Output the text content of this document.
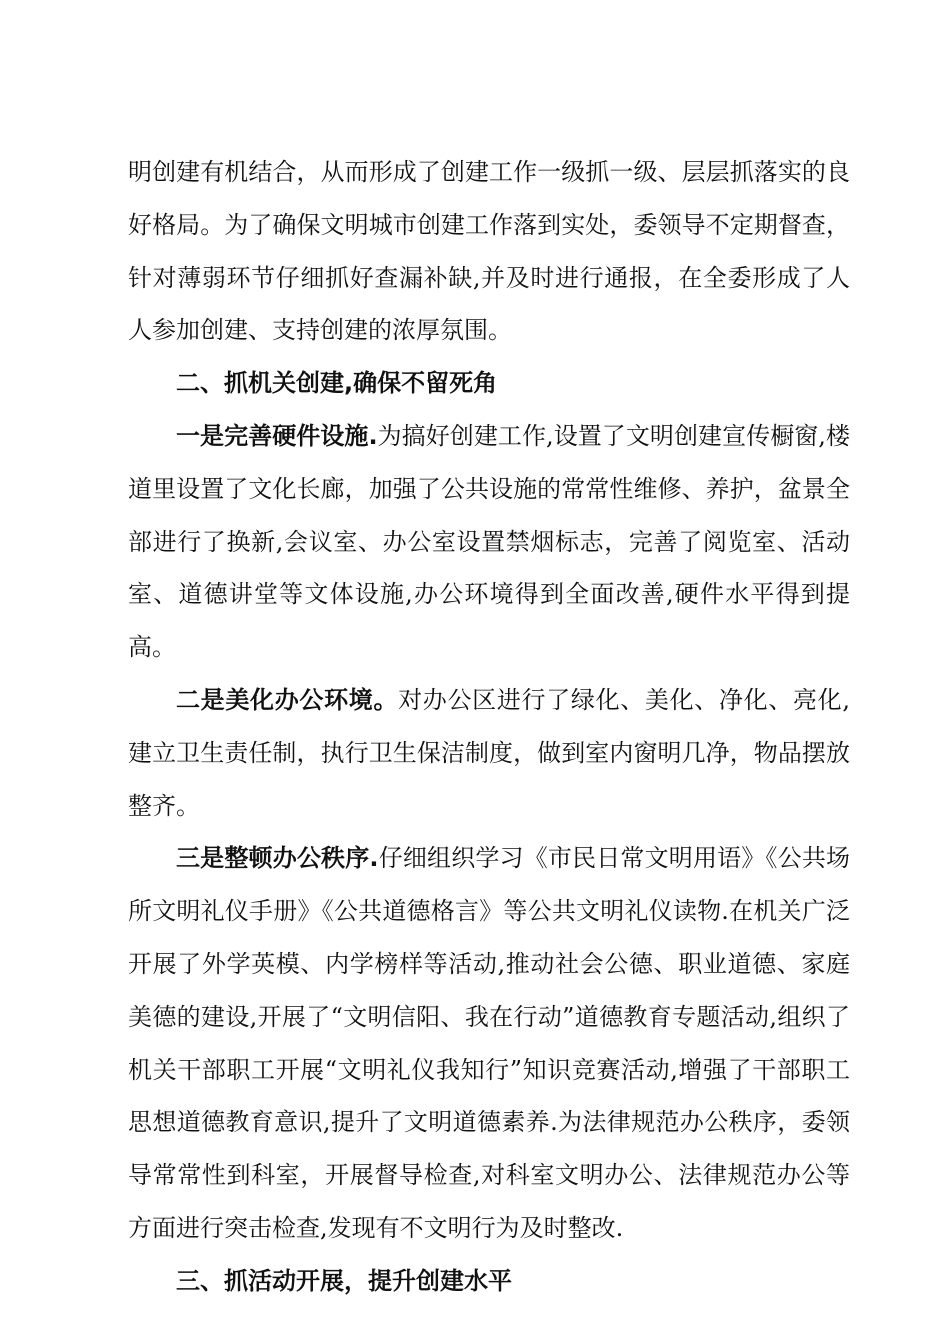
明创建有机结合，从而形成了创建工作一级抓一级、层层抓落实的良好格局。为了确保文明城市创建工作落到实处，委领导不定期督查，针对薄弱环节仔细抓好查漏补缺,并及时进行通报，在全委形成了人人参加创建、支持创建的浓厚氛围。

二、抓机关创建,确保不留死角

一是完善硬件设施.为搞好创建工作,设置了文明创建宣传橱窗,楼道里设置了文化长廊，加强了公共设施的常常性维修、养护，盆景全部进行了换新,会议室、办公室设置禁烟标志，完善了阅览室、活动室、道德讲堂等文体设施,办公环境得到全面改善,硬件水平得到提高。

二是美化办公环境。对办公区进行了绿化、美化、净化、亮化,建立卫生责任制，执行卫生保洁制度，做到室内窗明几净，物品摆放整齐。

三是整顿办公秩序.仔细组织学习《市民日常文明用语》《公共场所文明礼仪手册》《公共道德格言》等公共文明礼仪读物.在机关广泛开展了外学英模、内学榜样等活动,推动社会公德、职业道德、家庭美德的建设,开展了“文明信阳、我在行动”道德教育专题活动,组织了机关干部职工开展“文明礼仪我知行”知识竞赛活动,增强了干部职工思想道德教育意识,提升了文明道德素养.为法律规范办公秩序，委领导常常性到科室，开展督导检查,对科室文明办公、法律规范办公等方面进行突击检查,发现有不文明行为及时整改.

三、抓活动开展，提升创建水平
